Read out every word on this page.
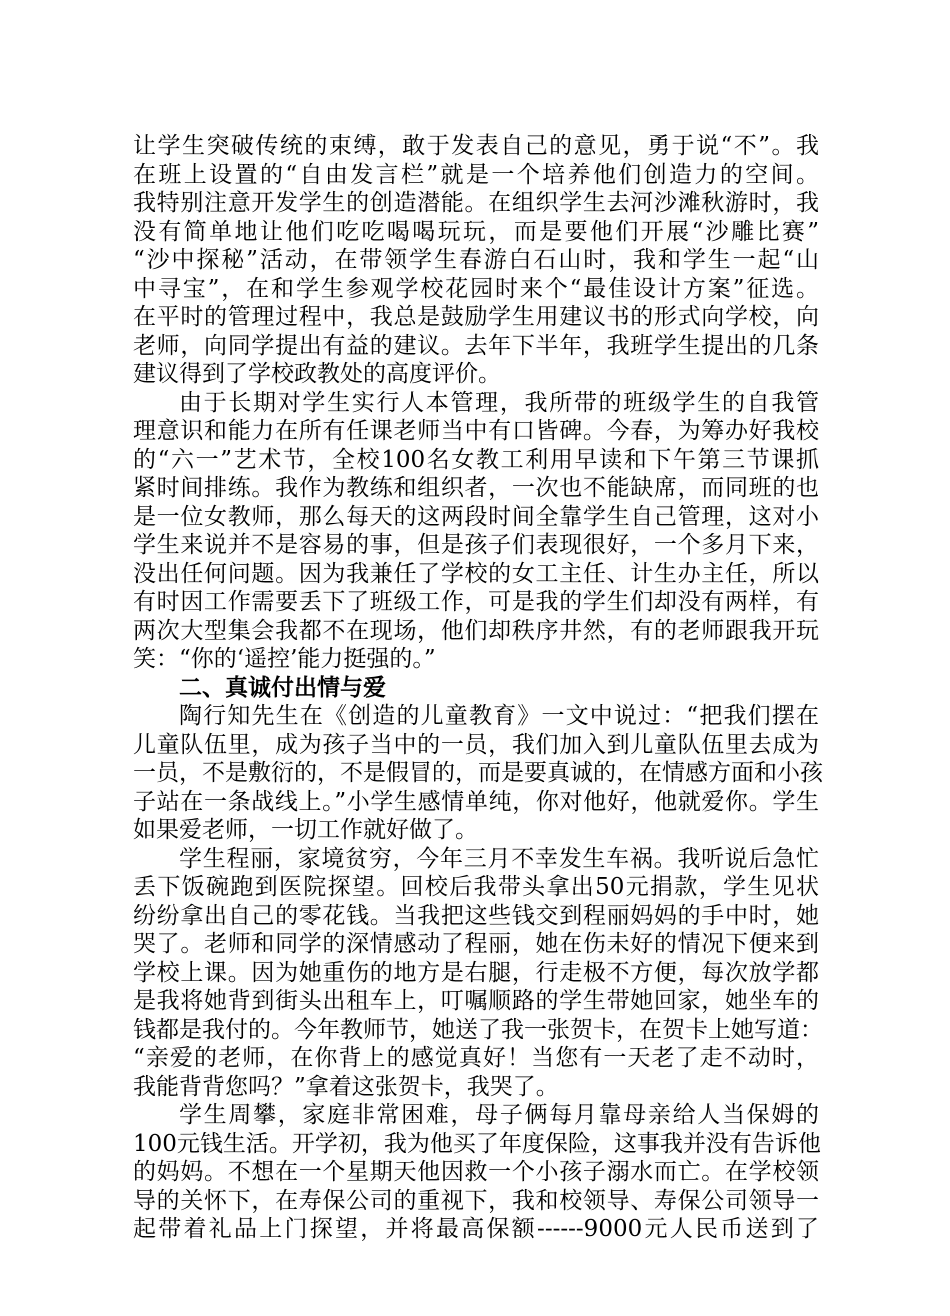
让学生突破传统的束缚，敢于发表自己的意见，勇于说“不”。我
在班上设置的“自由发言栏”就是一个培养他们创造力的空间。
我特别注意开发学生的创造潜能。在组织学生去河沙滩秋游时，我
没有简单地让他们吃吃喝喝玩玩，而是要他们开展“沙雕比赛”
“沙中探秘”活动，在带领学生春游白石山时，我和学生一起“山
中寻宝”，在和学生参观学校花园时来个“最佳设计方案”征选。
在平时的管理过程中，我总是鼓励学生用建议书的形式向学校，向
老师，向同学提出有益的建议。去年下半年，我班学生提出的几条
建议得到了学校政教处的高度评价。
由于长期对学生实行人本管理，我所带的班级学生的自我管
理意识和能力在所有任课老师当中有口皆碑。今春，为筹办好我校
的“六一”艺术节，全校100名女教工利用早读和下午第三节课抓
紧时间排练。我作为教练和组织者，一次也不能缺席，而同班的也
是一位女教师，那么每天的这两段时间全靠学生自己管理，这对小
学生来说并不是容易的事，但是孩子们表现很好，一个多月下来，
没出任何问题。因为我兼任了学校的女工主任、计生办主任，所以
有时因工作需要丢下了班级工作，可是我的学生们却没有两样，有
两次大型集会我都不在现场，他们却秩序井然，有的老师跟我开玩
笑：“你的‘遥控’能力挺强的。”
二、真诚付出情与爱
陶行知先生在《创造的儿童教育》一文中说过：“把我们摆在
儿童队伍里，成为孩子当中的一员，我们加入到儿童队伍里去成为
一员，不是敷衍的，不是假冒的，而是要真诚的，在情感方面和小孩
子站在一条战线上。”小学生感情单纯，你对他好，他就爱你。学生
如果爱老师，一切工作就好做了。
学生程丽，家境贫穷，今年三月不幸发生车祸。我听说后急忙
丢下饭碗跑到医院探望。回校后我带头拿出50元捐款，学生见状
纷纷拿出自己的零花钱。当我把这些钱交到程丽妈妈的手中时，她
哭了。老师和同学的深情感动了程丽，她在伤未好的情况下便来到
学校上课。因为她重伤的地方是右腿，行走极不方便，每次放学都
是我将她背到街头出租车上，叮嘱顺路的学生带她回家，她坐车的
钱都是我付的。今年教师节，她送了我一张贺卡，在贺卡上她写道：
“亲爱的老师，在你背上的感觉真好！当您有一天老了走不动时，
我能背背您吗？”拿着这张贺卡，我哭了。
学生周攀，家庭非常困难，母子俩每月靠母亲给人当保姆的
100元钱生活。开学初，我为他买了年度保险，这事我并没有告诉他
的妈妈。不想在一个星期天他因救一个小孩子溺水而亡。在学校领
导的关怀下，在寿保公司的重视下，我和校领导、寿保公司领导一
起带着礼品上门探望，并将最高保额------9000元人民币送到了
